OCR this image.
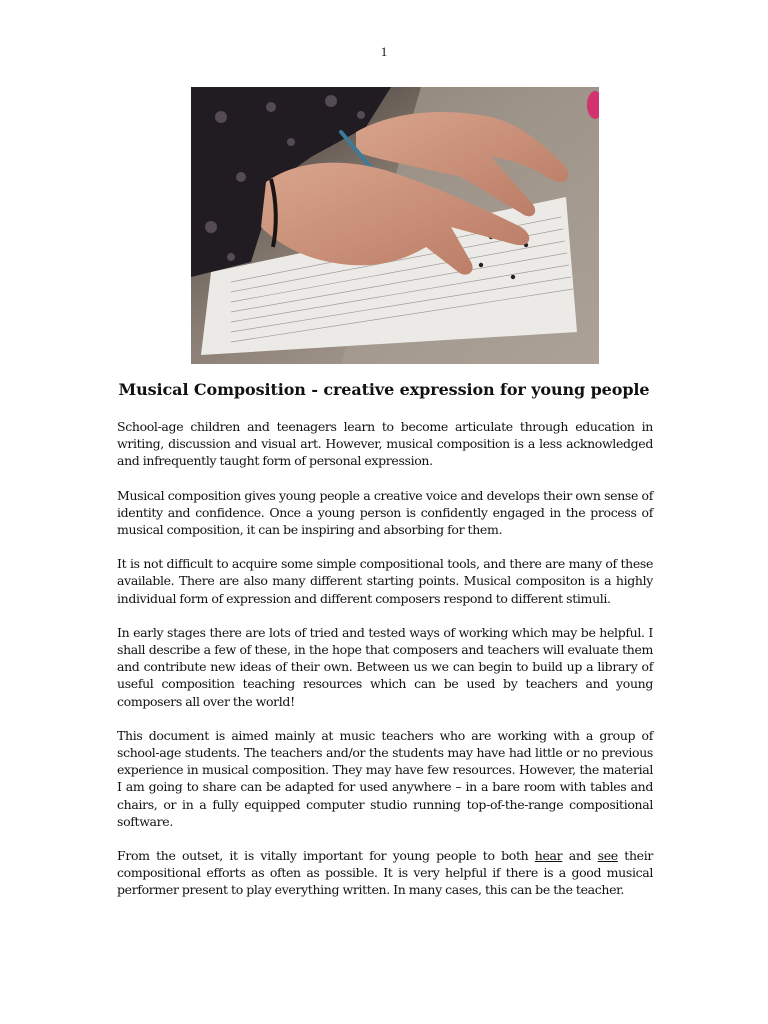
1
Musical Composition - creative expression for young people

School-age children and teenagers learn to become articulate through education in writing, discussion and visual art. However, musical composition is a less acknowledged and infrequently taught form of personal expression.

Musical composition gives young people a creative voice and develops their own sense of identity and confidence. Once a young person is confidently engaged in the process of musical composition, it can be inspiring and absorbing for them.

It is not difficult to acquire some simple compositional tools, and there are many of these available. There are also many different starting points. Musical compositon is a highly individual form of expression and different composers respond to different stimuli.

In early stages there are lots of tried and tested ways of working which may be helpful. I shall describe a few of these, in the hope that composers and teachers will evaluate them and contribute new ideas of their own. Between us we can begin to build up a library of useful composition teaching resources which can be used by teachers and young composers all over the world!

This document is aimed mainly at music teachers who are working with a group of school-age students. The teachers and/or the students may have had little or no previous experience in musical composition. They may have few resources. However, the material I am going to share can be adapted for used anywhere – in a bare room with tables and chairs, or in a fully equipped computer studio running top-of-the-range compositional software.

From the outset, it is vitally important for young people to both hear and see their compositional efforts as often as possible. It is very helpful if there is a good musical performer present to play everything written. In many cases, this can be the teacher.
